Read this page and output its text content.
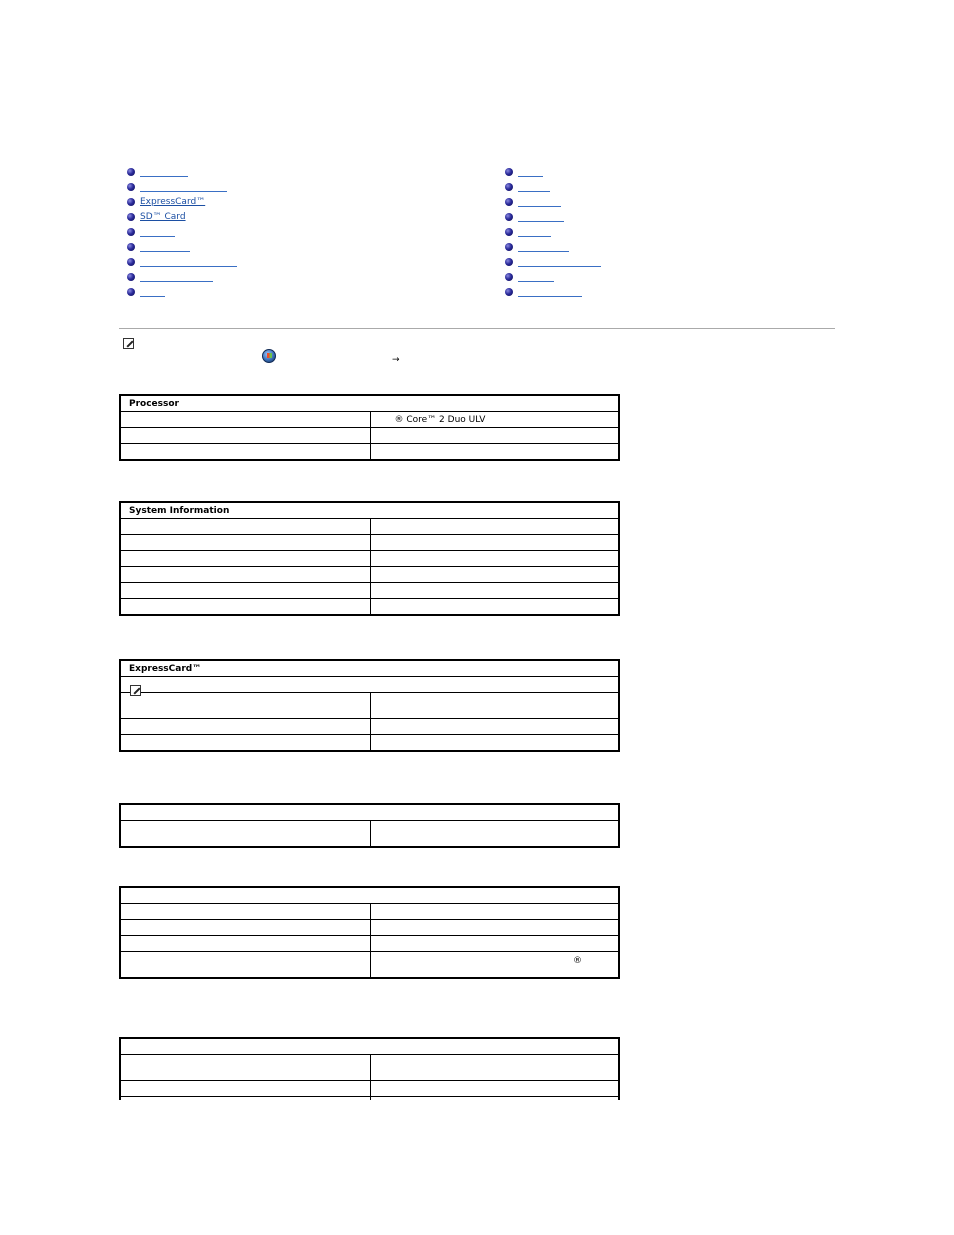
ExpressCard™
SD™ Card
→
Processor	
	® Core™ 2 Duo ULV

System Information	

ExpressCard™	

	®
